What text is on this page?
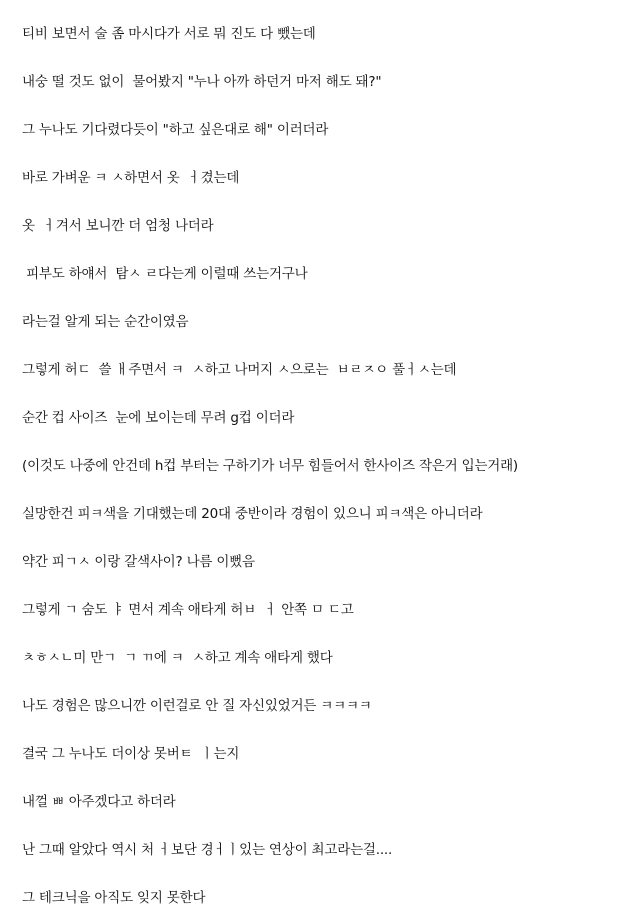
티비 보면서 술 좀 마시다가 서로 뭐 진도 다 뺐는데

내숭 떨 것도 없이  물어봤지 "누나 아까 하던거 마저 해도 돼?"

그 누나도 기다렸다듯이 "하고 싶은대로 해" 이러더라

바로 가벼운 ㅋ ㅅ하면서 옷  ㅓ겼는데

옷  ㅓ겨서 보니깐 더 엄청 나더라

피부도 하얘서  탐ㅅ ㄹ다는게 이럴때 쓰는거구나

라는걸 알게 되는 순간이였음

그렇게 허ㄷ  쓸 ㅐ주면서 ㅋ  ㅅ하고 나머지 ㅅ으로는  ㅂㄹㅈㅇ 풀ㅓㅅ는데

순간 컵 사이즈  눈에 보이는데 무려 g컵 이더라

(이것도 나중에 안건데 h컵 부터는 구하기가 너무 힘들어서 한사이즈 작은거 입는거래)

실망한건 피ㅋ색을 기대했는데 20대 중반이라 경험이 있으니 피ㅋ색은 아니더라

약간 피ㄱㅅ 이랑 갈색사이? 나름 이뻤음

그렇게 ㄱ 숨도 ㅑ 면서 계속 애타게 허ㅂ  ㅓ 안쪽 ㅁ ㄷ고

ㅊㅎㅅㄴ미 만ㄱ  ㄱ ㄲ에 ㅋ  ㅅ하고 계속 애타게 했다

나도 경험은 많으니깐 이런걸로 안 질 자신있었거든 ㅋㅋㅋㅋ

결국 그 누나도 더이상 못버ㅌ  ㅣ는지

내껄 ㅃ 아주겠다고 하더라

난 그때 알았다 역시 처 ㅓ보단 경ㅓㅣ있는 연상이 최고라는걸....

그 테크닉을 아직도 잊지 못한다
